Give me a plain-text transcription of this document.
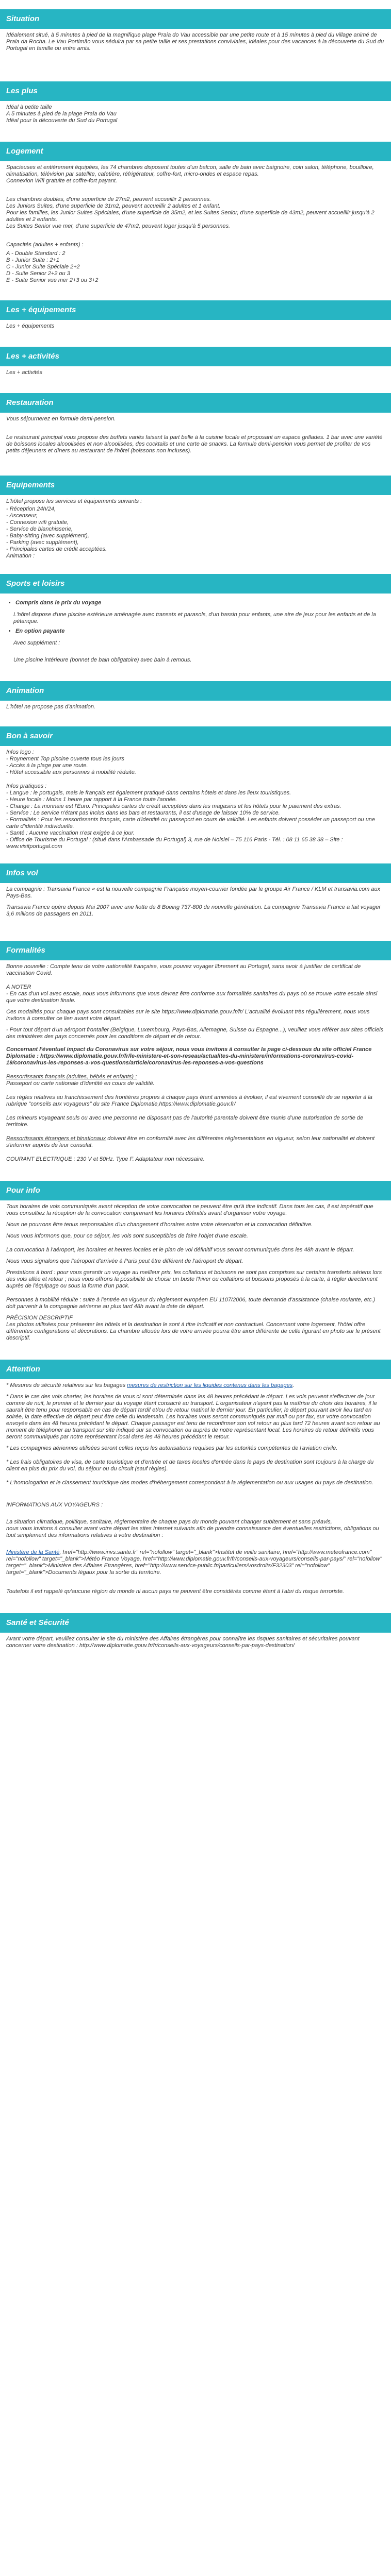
Situation

Idéalement situé, à 5 minutes à pied de la magnifique plage Praia do Vau accessible par une petite route et à 15 minutes à pied du village animé de Praia da Rocha. Le Vau Portimão vous séduira par sa petite taille et ses prestations conviviales, idéales pour des vacances à la découverte du Sud du Portugal en famille ou entre amis.

Les plus

Idéal à petite taille

A 5 minutes à pied de la plage Praia do Vau

Idéal pour la découverte du Sud du Portugal

Logement

Spacieuses et entièrement équipées, les 74 chambres disposent toutes d'un balcon, salle de bain avec baignoire, coin salon, téléphone, bouilloire, climatisation, télévision par satellite, cafetière, réfrigérateur, coffre-fort, micro-ondes et espace repas.

Connexion Wifi gratuite et coffre-fort payant.

Les chambres doubles, d'une superficie de 27m2, peuvent accueillir 2 personnes.

Les Juniors Suites, d'une superficie de 31m2, peuvent accueillir 2 adultes et 1 enfant.

Pour les familles, les Junior Suites Spéciales, d'une superficie de 35m2, et les Suites Senior, d'une superficie de 43m2, peuvent accueillir jusqu'à 2 adultes et 2 enfants.

Les Suites Senior vue mer, d'une superficie de 47m2, peuvent loger jusqu'à 5 personnes.

Capacités (adultes + enfants) :

A - Double Standard : 2

B - Junior Suite : 2+1

C - Junior Suite Spéciale 2+2

D - Suite Senior 2+2 ou 3

E - Suite Senior vue mer 2+3 ou 3+2

Les + équipements

Les + équipements

Les + activités

Les + activités

Restauration

Vous séjournerez en formule demi-pension.

Le restaurant principal vous propose des buffets variés faisant la part belle à la cuisine locale et proposant un espace grillades. 1 bar avec une variété de boissons locales alcoolisées et non alcoolisées, des cocktails et une carte de snacks. La formule demi-pension vous permet de profiter de vos petits déjeuners et dîners au restaurant de l'hôtel (boissons non incluses).

Equipements

L'hôtel propose les services et équipements suivants :

- Réception 24h/24,

- Ascenseur,

- Connexion wifi gratuite,

- Service de blanchisserie,

- Baby-sitting (avec supplément),

- Parking (avec supplément),

- Principales cartes de crédit acceptées.

Animation :

Sports et loisirs
• Compris dans le prix du voyage

L'hôtel dispose d'une piscine extérieure aménagée avec transats et parasols, d'un bassin pour enfants, une aire de jeux pour les enfants et de la pétanque.

• En option payante

Avec supplément :

Une piscine intérieure (bonnet de bain obligatoire) avec bain à remous.

Animation

L'hôtel ne propose pas d'animation.

Bon à savoir

Infos logo :

- Roynement Top piscine ouverte tous les jours

- Accès à la plage par une route.

- Hôtel accessible aux personnes à mobilité réduite.

Infos pratiques :

- Langue : le portugais, mais le français est également pratiqué dans certains hôtels et dans les lieux touristiques.

- Heure locale : Moins 1 heure par rapport à la France toute l'année.

- Change : La monnaie est l'Euro. Principales cartes de crédit acceptées dans les magasins et les hôtels pour le paiement des extras.

- Service : Le service n'étant pas inclus dans les bars et restaurants, il est d'usage de laisser 10% de service.

- Formalités : Pour les ressortissants français, carte d'identité ou passeport en cours de validité. Les enfants doivent posséder un passeport ou une carte d'identité individuelle.

- Santé : Aucune vaccination n'est exigée à ce jour.

- Office de Tourisme du Portugal : (situé dans l'Ambassade du Portugal) 3, rue de Noisiel – 75 116 Paris - Tél. : 08 11 65 38 38 – Site : www.visitportugal.com

Infos vol

La compagnie : Transavia France « est la nouvelle compagnie Française moyen-courrier fondée par le groupe Air France / KLM et transavia.com aux Pays-Bas.

Transavia France opère depuis Mai 2007 avec une flotte de 8 Boeing 737-800 de nouvelle génération. La compagnie Transavia France a fait voyager 3,6 millions de passagers en 2011.

Formalités

Bonne nouvelle : Compte tenu de votre nationalité française, vous pouvez voyager librement au Portugal, sans avoir à justifier de certificat de vaccination Covid.

A NOTER

- En cas d'un vol avec escale, nous vous informons que vous devrez être conforme aux formalités sanitaires du pays où se trouve votre escale ainsi que votre destination finale.

Ces modalités pour chaque pays sont consultables sur le site https://www.diplomatie.gouv.fr/fr/ L'actualité évoluant très régulièrement, nous vous invitons à consulter ce lien avant votre départ.

- Pour tout départ d'un aéroport frontalier (Belgique, Luxembourg, Pays-Bas, Allemagne, Suisse ou Espagne...), veuillez vous référer aux sites officiels des ministères des pays concernés pour les conditions de départ et de retour.

Concernant l'éventuel impact du Coronavirus sur votre séjour, nous vous invitons à consulter la page ci-dessous du site officiel France Diplomatie : https://www.diplomatie.gouv.fr/fr/le-ministere-et-son-reseau/actualites-du-ministere/informations-coronavirus-covid-19/coronavirus-les-reponses-a-vos-questions/article/coronavirus-les-reponses-a-vos-questions

Ressortissants français (adultes, bébés et enfants) :

Passeport ou carte nationale d'identité en cours de validité.

Les règles relatives au franchissement des frontières propres à chaque pays étant amenées à évoluer, il est vivement conseillé de se reporter à la rubrique "conseils aux voyageurs" du site France Diplomatie,https://www.diplomatie.gouv.fr/

Les mineurs voyageant seuls ou avec une personne ne disposant pas de l'autorité parentale doivent être munis d'une autorisation de sortie de territoire.

Ressortissants étrangers et binationaux doivent être en conformité avec les différentes réglementations en vigueur, selon leur nationalité et doivent s'informer auprès de leur consulat.

COURANT ELECTRIQUE : 230 V et 50Hz. Type F. Adaptateur non nécessaire.

Pour info

Tous horaires de vols communiqués avant réception de votre convocation ne peuvent être qu'à titre indicatif. Dans tous les cas, il est impératif que vous consultiez la réception de la convocation comprenant les horaires définitifs avant d'organiser votre voyage.

Nous ne pourrons être tenus responsables d'un changement d'horaires entre votre réservation et la convocation définitive.

Nous vous informons que, pour ce séjour, les vols sont susceptibles de faire l'objet d'une escale.

La convocation à l'aéroport, les horaires et heures locales et le plan de vol définitif vous seront communiqués dans les 48h avant le départ.

Nous vous signalons que l'aéroport d'arrivée à Paris peut être différent de l'aéroport de départ.

Prestations à bord : pour vous garantir un voyage au meilleur prix, les collations et boissons ne sont pas comprises sur certains transferts aériens lors des vols allée et retour ; nous vous offrons la possibilité de choisir un buste l'hiver ou collations et boissons proposés à la carte, à régler directement auprès de l'équipage ou sous la forme d'un pack.

Personnes à mobilité réduite : suite à l'entrée en vigueur du règlement européen EU 1107/2006, toute demande d'assistance (chaise roulante, etc.) doit parvenir à la compagnie aérienne au plus tard 48h avant la date de départ.

PRÉCISION DESCRIPTIF

Les photos utilisées pour présenter les hôtels et la destination le sont à titre indicatif et non contractuel. Concernant votre logement, l'hôtel offre différentes configurations et décorations. La chambre allouée lors de votre arrivée pourra être ainsi différente de celle figurant en photo sur le présent descriptif.

Attention

* Mesures de sécurité relatives sur les bagages mesures de restriction sur les liquides contenus dans les bagages.

* Dans le cas des vols charter, les horaires de vous ci sont déterminés dans les 48 heures précédant le départ. Les vols peuvent s'effectuer de jour comme de nuit, le premier et le dernier jour du voyage étant consacré au transport. L'organisateur n'ayant pas la maîtrise du choix des horaires, il le saurait être tenu pour responsable en cas de départ tardif et/ou de retour matinal le dernier jour. En particulier, le départ pouvant avoir lieu tard en soirée, la date effective de départ peut être celle du lendemain. Les horaires vous seront communiqués par mail ou par fax, sur votre convocation envoyée dans les 48 heures précédant le départ. Chaque passager est tenu de reconfirmer son vol retour au plus tard 72 heures avant son retour au moment de téléphoner au transport sur site indiqué sur sa convocation ou auprès de notre représentant local. Les horaires de retour définitifs vous seront communiqués par notre représentant local dans les 48 heures précédant le retour.

* Les compagnies aériennes utilisées seront celles reçus les autorisations requises par les autorités compétentes de l'aviation civile.

* Les frais obligatoires de visa, de carte touristique et d'entrée et de taxes locales d'entrée dans le pays de destination sont toujours à la charge du client en plus du prix du vol, du séjour ou du circuit (sauf règles).

* L'homologation et le classement touristique des modes d'hébergement correspondent à la réglementation ou aux usages du pays de destination.

INFORMATIONS AUX VOYAGEURS :

La situation climatique, politique, sanitaire, réglementaire de chaque pays du monde pouvant changer subitement et sans préavis,

nous vous invitons à consulter avant votre départ les sites Internet suivants afin de prendre connaissance des éventuelles restrictions, obligations ou tout simplement des informations relatives à votre destination :

Ministère de la Santé, href="http://www.invs.sante.fr" rel="nofollow" target="_blank">Institut de veille sanitaire, href="http://www.meteofrance.com" rel="nofollow" target="_blank">Météo France Voyage, href="http://www.diplomatie.gouv.fr/fr/conseils-aux-voyageurs/conseils-par-pays/" rel="nofollow" target="_blank">Ministère des Affaires Etrangères, href="http://www.service-public.fr/particuliers/vosdroits/F32303" rel="nofollow" target="_blank">Documents légaux pour la sortie du territoire.

Toutefois il est rappelé qu'aucune région du monde ni aucun pays ne peuvent être considérés comme étant à l'abri du risque terroriste.

Santé et Sécurité

Avant votre départ, veuillez consulter le site du ministère des Affaires étrangères pour connaître les risques sanitaires et sécuritaires pouvant concerner votre destination : http://www.diplomatie.gouv.fr/fr/conseils-aux-voyageurs/conseils-par-pays-destination/
